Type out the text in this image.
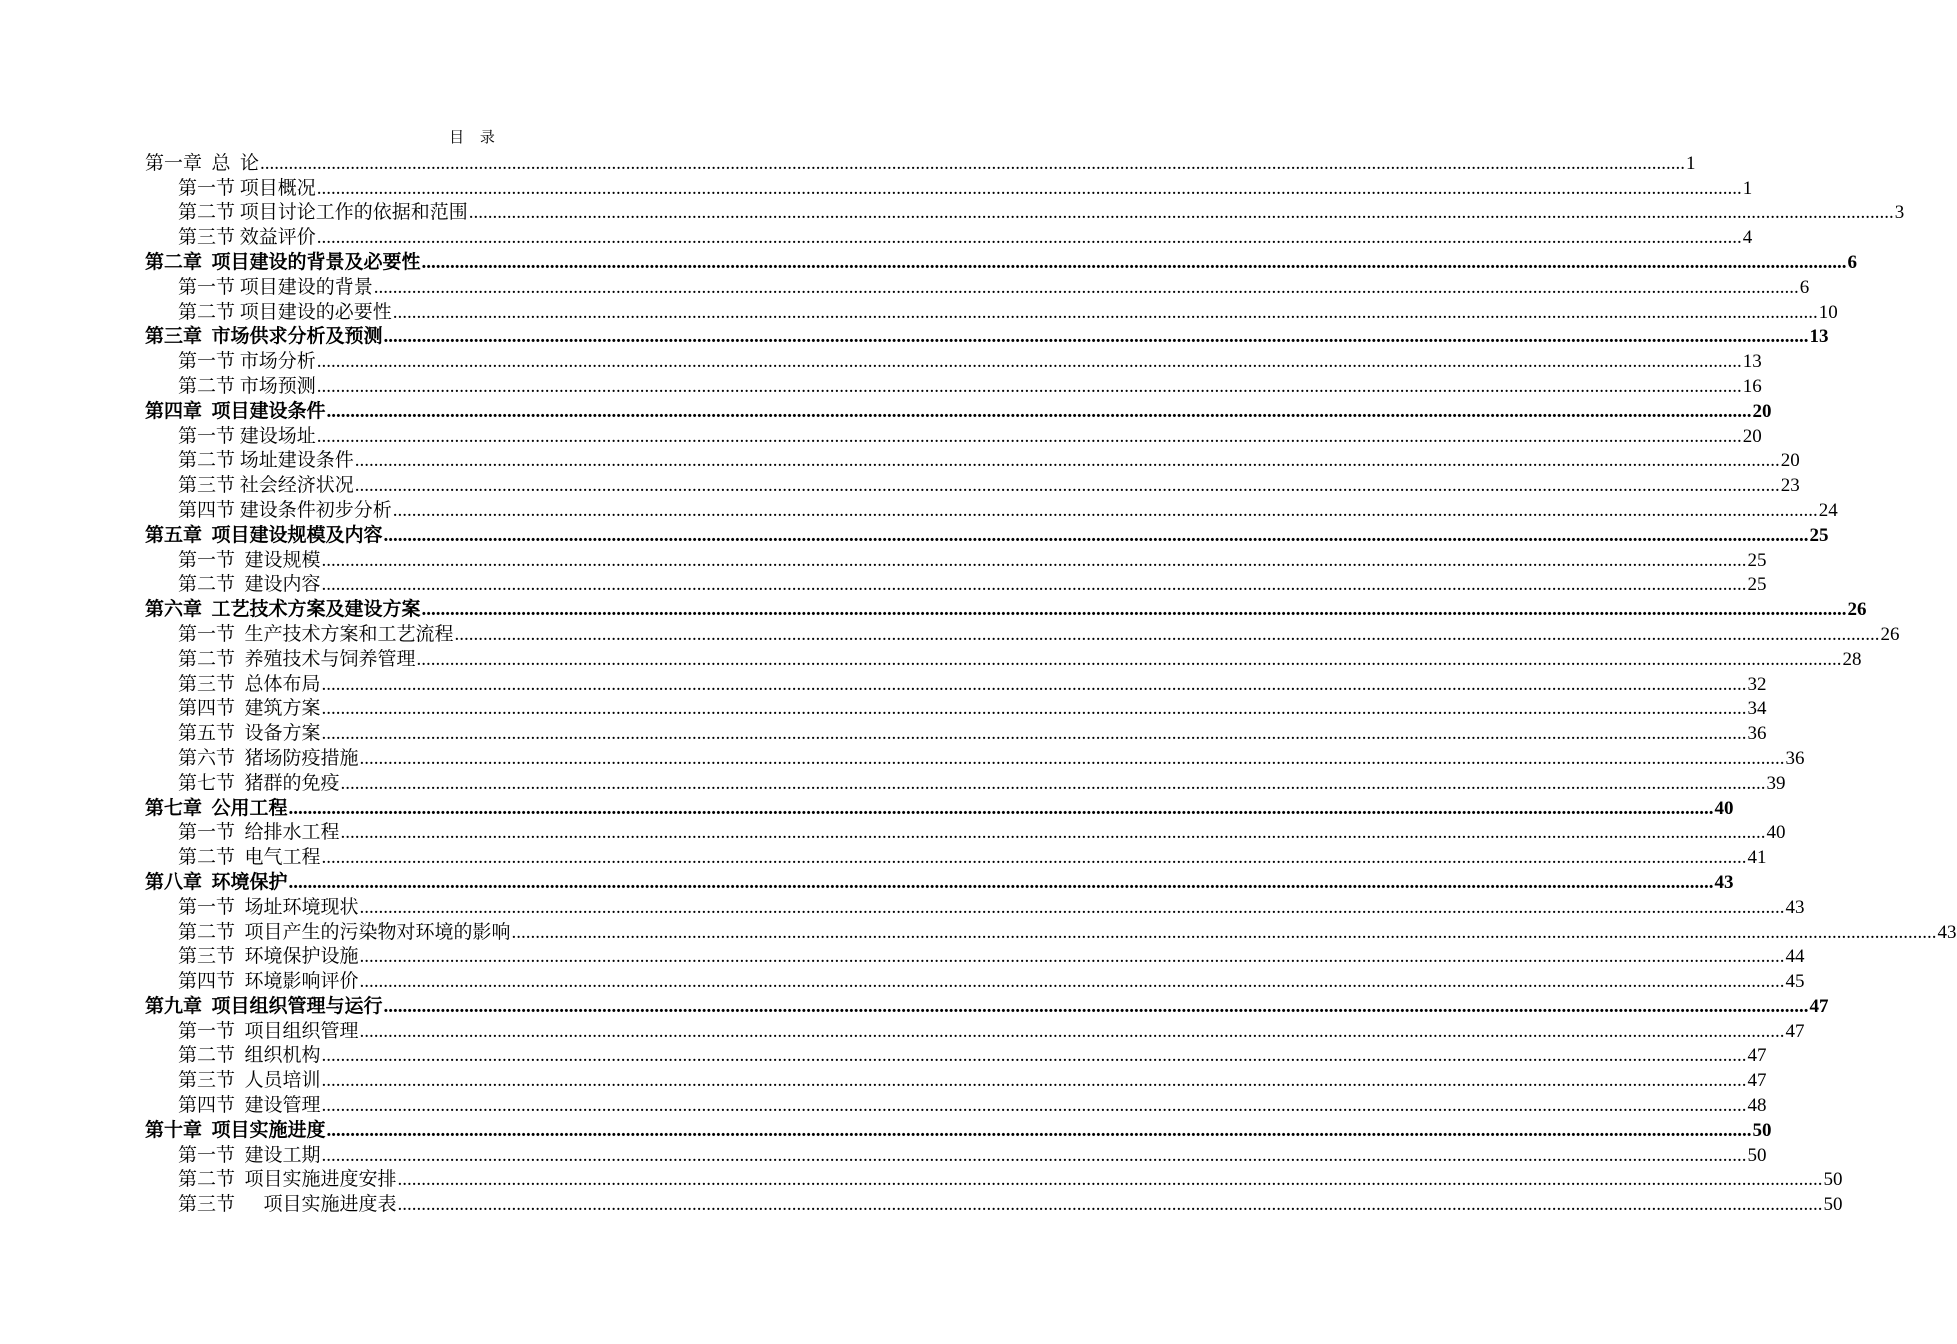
目 录
第一章  总  论 ............................................................................................................................................................................................................................................................................................................ 1
第一节 项目概况 ............................................................................................................................................................................................................................................................................................................ 1
第二节 项目讨论工作的依据和范围 ............................................................................................................................................................................................................................................................................................................ 3
第三节 效益评价 ............................................................................................................................................................................................................................................................................................................ 4
第二章  项目建设的背景及必要性 ............................................................................................................................................................................................................................................................................................................ 6
第一节 项目建设的背景 ............................................................................................................................................................................................................................................................................................................ 6
第二节 项目建设的必要性 ............................................................................................................................................................................................................................................................................................................ 10
第三章  市场供求分析及预测 ............................................................................................................................................................................................................................................................................................................ 13
第一节 市场分析 ............................................................................................................................................................................................................................................................................................................ 13
第二节 市场预测 ............................................................................................................................................................................................................................................................................................................ 16
第四章  项目建设条件 ............................................................................................................................................................................................................................................................................................................ 20
第一节 建设场址 ............................................................................................................................................................................................................................................................................................................ 20
第二节 场址建设条件 ............................................................................................................................................................................................................................................................................................................ 20
第三节 社会经济状况 ............................................................................................................................................................................................................................................................................................................ 23
第四节 建设条件初步分析 ............................................................................................................................................................................................................................................................................................................ 24
第五章  项目建设规模及内容 ............................................................................................................................................................................................................................................................................................................ 25
第一节  建设规模 ............................................................................................................................................................................................................................................................................................................ 25
第二节  建设内容 ............................................................................................................................................................................................................................................................................................................ 25
第六章  工艺技术方案及建设方案 ............................................................................................................................................................................................................................................................................................................ 26
第一节  生产技术方案和工艺流程 ............................................................................................................................................................................................................................................................................................................ 26
第二节  养殖技术与饲养管理 ............................................................................................................................................................................................................................................................................................................ 28
第三节  总体布局 ............................................................................................................................................................................................................................................................................................................ 32
第四节  建筑方案 ............................................................................................................................................................................................................................................................................................................ 34
第五节  设备方案 ............................................................................................................................................................................................................................................................................................................ 36
第六节  猪场防疫措施 ............................................................................................................................................................................................................................................................................................................ 36
第七节  猪群的免疫 ............................................................................................................................................................................................................................................................................................................ 39
第七章  公用工程 ............................................................................................................................................................................................................................................................................................................ 40
第一节  给排水工程 ............................................................................................................................................................................................................................................................................................................ 40
第二节  电气工程 ............................................................................................................................................................................................................................................................................................................ 41
第八章  环境保护 ............................................................................................................................................................................................................................................................................................................ 43
第一节  场址环境现状 ............................................................................................................................................................................................................................................................................................................ 43
第二节  项目产生的污染物对环境的影响 ............................................................................................................................................................................................................................................................................................................ 43
第三节  环境保护设施 ............................................................................................................................................................................................................................................................................................................ 44
第四节  环境影响评价 ............................................................................................................................................................................................................................................................................................................ 45
第九章  项目组织管理与运行 ............................................................................................................................................................................................................................................................................................................ 47
第一节  项目组织管理 ............................................................................................................................................................................................................................................................................................................ 47
第二节  组织机构 ............................................................................................................................................................................................................................................................................................................ 47
第三节  人员培训 ............................................................................................................................................................................................................................................................................................................ 47
第四节  建设管理 ............................................................................................................................................................................................................................................................................................................ 48
第十章  项目实施进度 ............................................................................................................................................................................................................................................................................................................ 50
第一节  建设工期 ............................................................................................................................................................................................................................................................................................................ 50
第二节  项目实施进度安排 ............................................................................................................................................................................................................................................................................................................ 50
第三节      项目实施进度表 ............................................................................................................................................................................................................................................................................................................ 50
